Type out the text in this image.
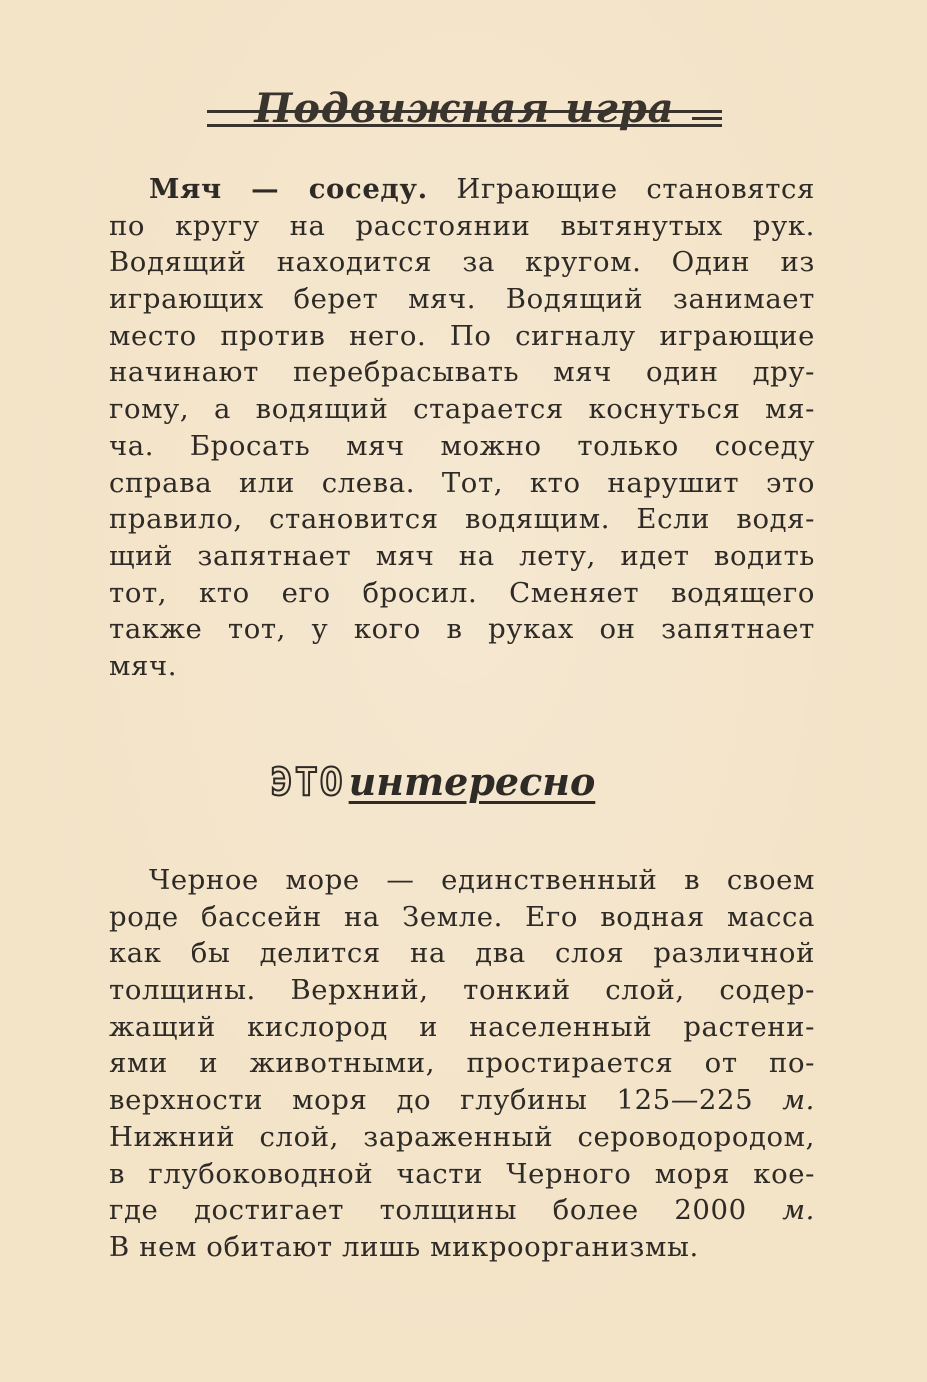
Подвижная игра
Мяч — соседу. Играющие становятся
по кругу на расстоянии вытянутых рук.
Водящий находится за кругом. Один из
играющих берет мяч. Водящий занимает
место против него. По сигналу играющие
начинают перебрасывать мяч один дру-
гому, а водящий старается коснуться мя-
ча. Бросать мяч можно только соседу
справа или слева. Тот, кто нарушит это
правило, становится водящим. Если водя-
щий запятнает мяч на лету, идет водить
тот, кто его бросил. Сменяет водящего
также тот, у кого в руках он запятнает
мяч.
ЭТО интересно
Черное море — единственный в своем
роде бассейн на Земле. Его водная масса
как бы делится на два слоя различной
толщины. Верхний, тонкий слой, содер-
жащий кислород и населенный растени-
ями и животными, простирается от по-
верхности моря до глубины 125—225 м.
Нижний слой, зараженный сероводородом,
в глубоководной части Черного моря кое-
где достигает толщины более 2000 м.
В нем обитают лишь микроорганизмы.
